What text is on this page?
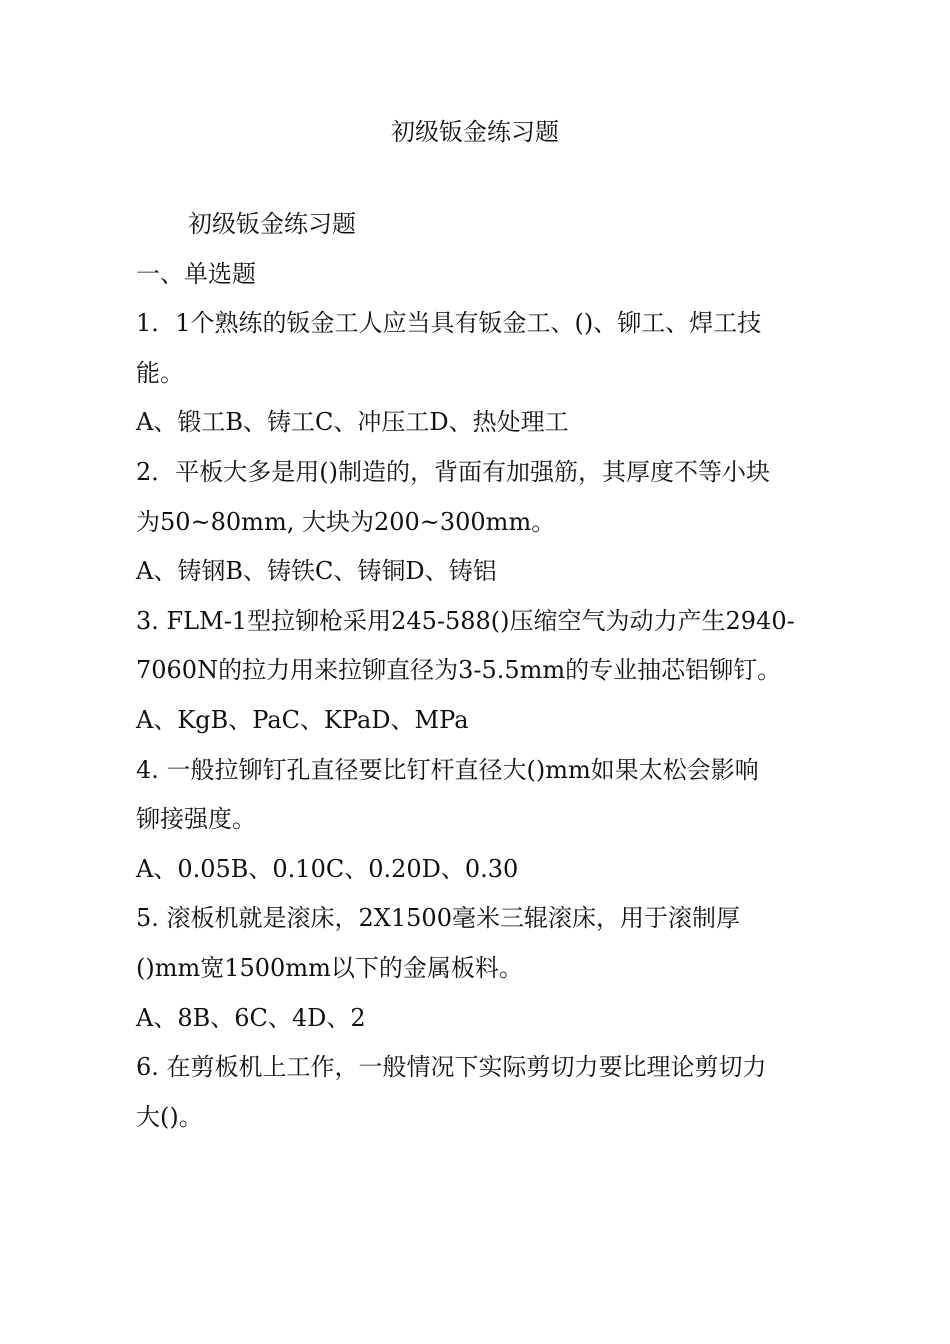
初级钣金练习题
初级钣金练习题
一、单选题
1．1个熟练的钣金工人应当具有钣金工、()、铆工、焊工技
能。
A、锻工B、铸工C、冲压工D、热处理工
2．平板大多是用()制造的，背面有加强筋，其厚度不等小块
为50~80mm, 大块为200~300mm。
A、铸钢B、铸铁C、铸铜D、铸铝
3. FLM-1型拉铆枪采用245-588()压缩空气为动力产生2940-
7060N的拉力用来拉铆直径为3-5.5mm的专业抽芯铝铆钉。
A、KgB、PaC、KPaD、MPa
4. 一般拉铆钉孔直径要比钉杆直径大()mm如果太松会影响
铆接强度。
A、0.05B、0.10C、0.20D、0.30
5. 滚板机就是滚床，2X1500毫米三辊滚床，用于滚制厚
()mm宽1500mm以下的金属板料。
A、8B、6C、4D、2
6. 在剪板机上工作，一般情况下实际剪切力要比理论剪切力
大()。
